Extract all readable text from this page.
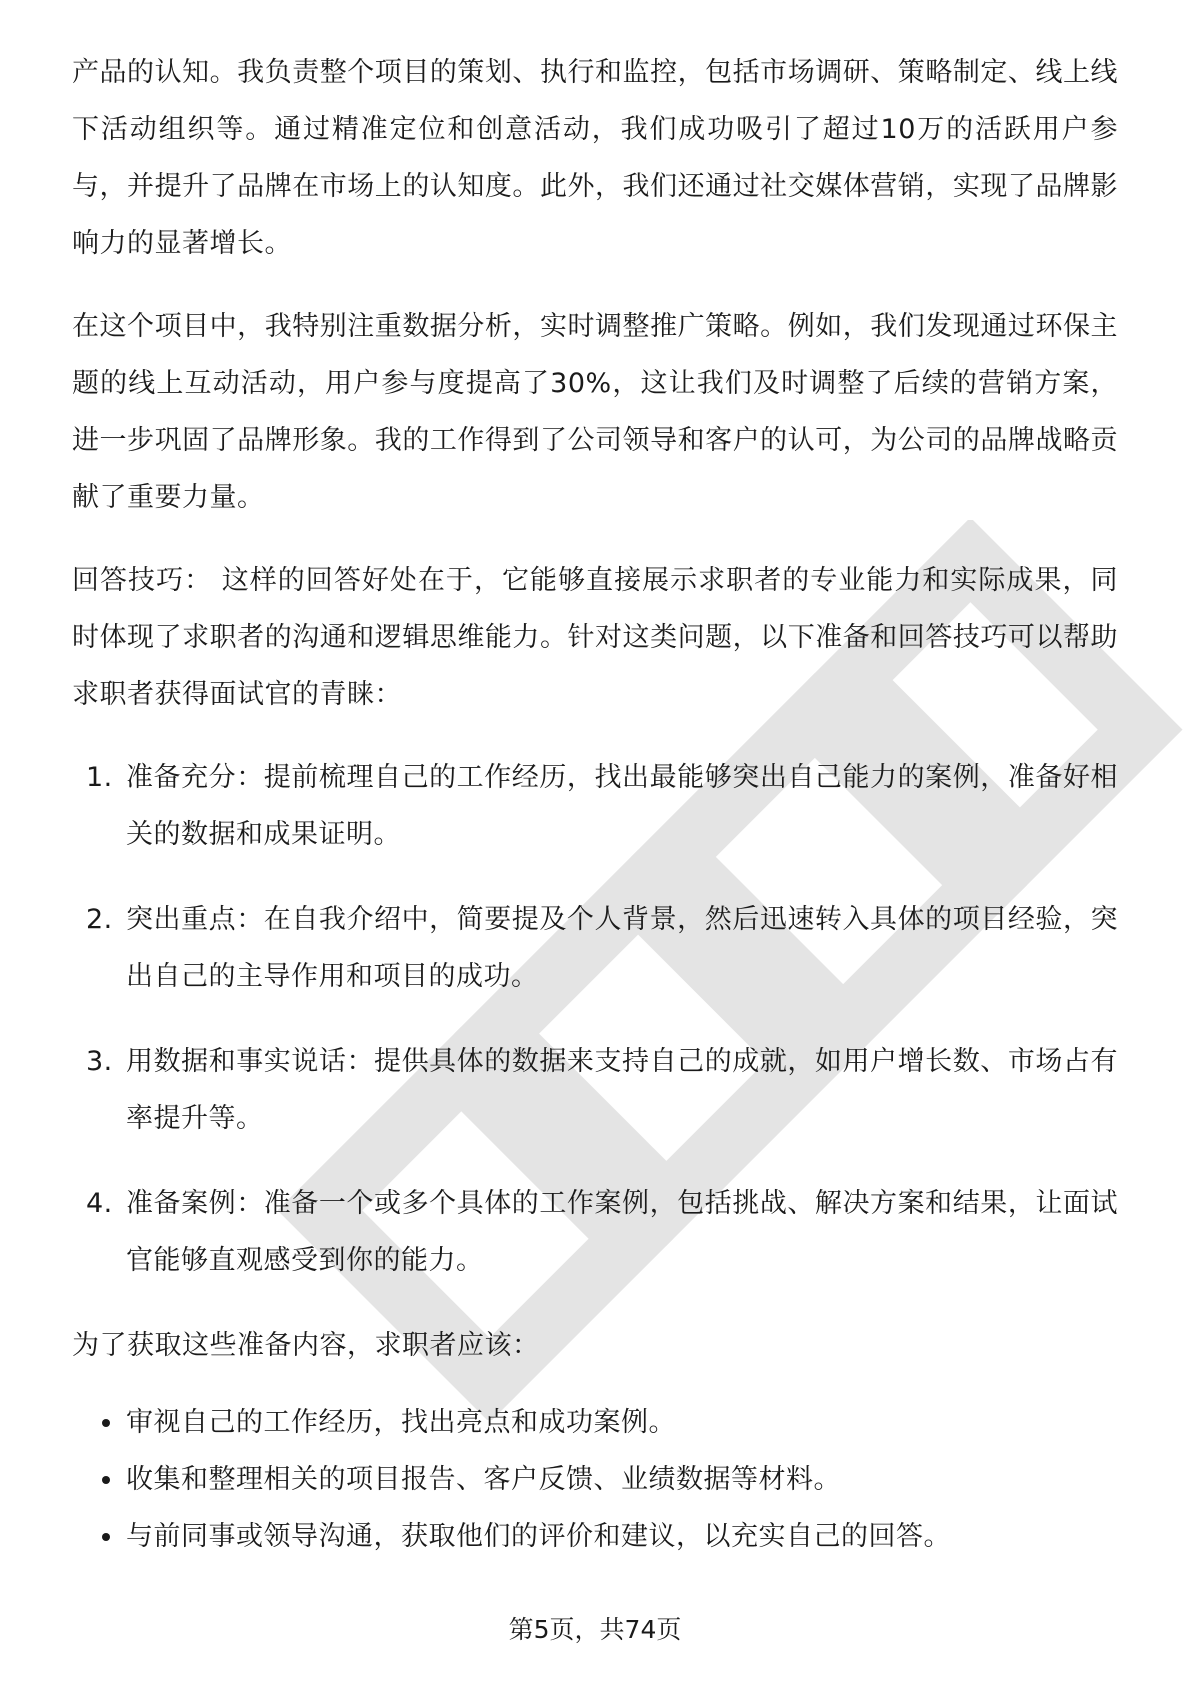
产品的认知。我负责整个项目的策划、执行和监控，包括市场调研、策略制定、线上线下活动组织等。通过精准定位和创意活动，我们成功吸引了超过10万的活跃用户参与，并提升了品牌在市场上的认知度。此外，我们还通过社交媒体营销，实现了品牌影响力的显著增长。

在这个项目中，我特别注重数据分析，实时调整推广策略。例如，我们发现通过环保主题的线上互动活动，用户参与度提高了30%，这让我们及时调整了后续的营销方案，进一步巩固了品牌形象。我的工作得到了公司领导和客户的认可，为公司的品牌战略贡献了重要力量。

回答技巧： 这样的回答好处在于，它能够直接展示求职者的专业能力和实际成果，同时体现了求职者的沟通和逻辑思维能力。针对这类问题，以下准备和回答技巧可以帮助求职者获得面试官的青睐：

1. 准备充分：提前梳理自己的工作经历，找出最能够突出自己能力的案例，准备好相关的数据和成果证明。
2. 突出重点：在自我介绍中，简要提及个人背景，然后迅速转入具体的项目经验，突出自己的主导作用和项目的成功。
3. 用数据和事实说话：提供具体的数据来支持自己的成就，如用户增长数、市场占有率提升等。
4. 准备案例：准备一个或多个具体的工作案例，包括挑战、解决方案和结果，让面试官能够直观感受到你的能力。

为了获取这些准备内容，求职者应该：

审视自己的工作经历，找出亮点和成功案例。
收集和整理相关的项目报告、客户反馈、业绩数据等材料。
与前同事或领导沟通，获取他们的评价和建议，以充实自己的回答。
第5页，共74页
